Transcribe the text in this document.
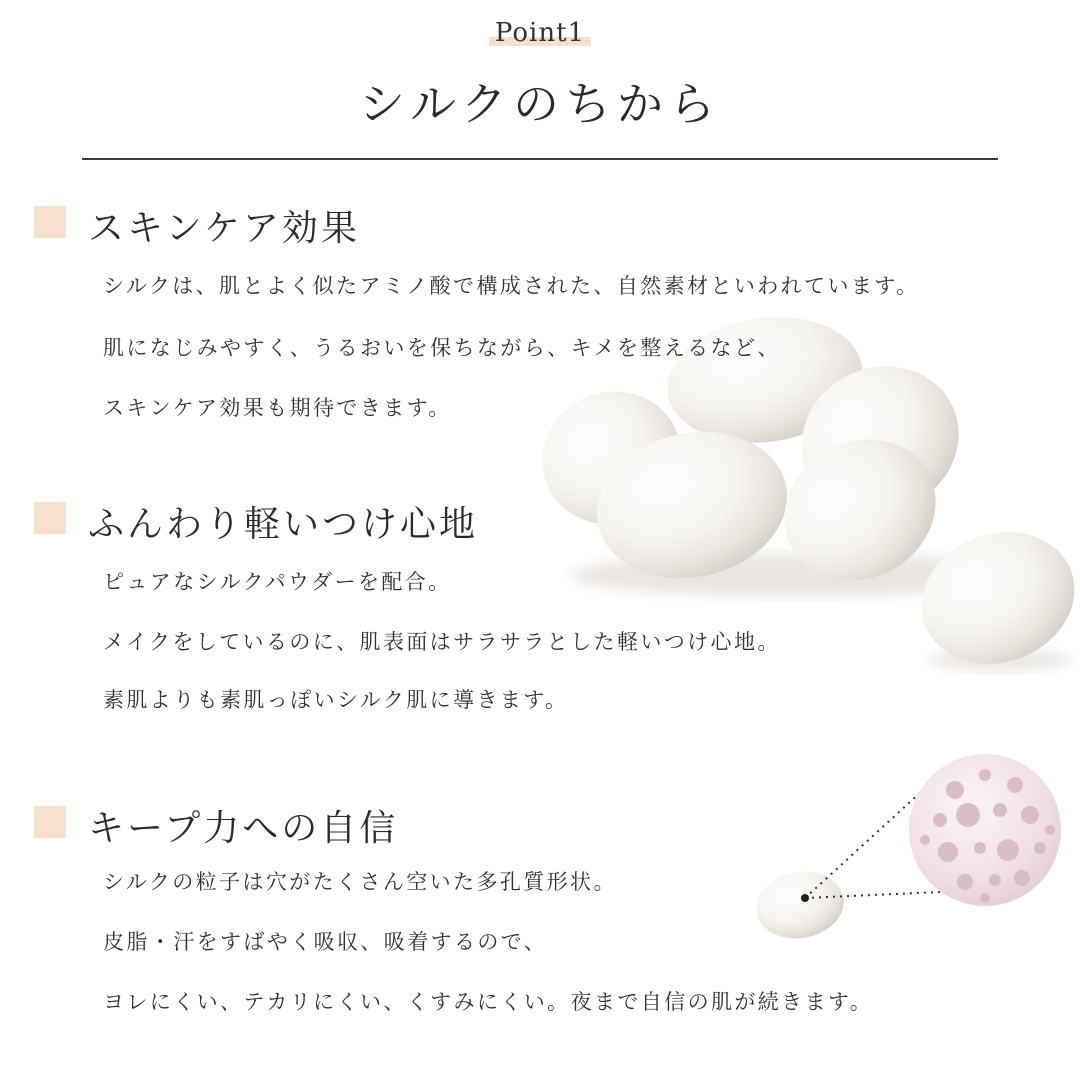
Point1
シルクのちから
スキンケア効果
シルクは、肌とよく似たアミノ酸で構成された、自然素材といわれています。
肌になじみやすく、うるおいを保ちながら、キメを整えるなど、
スキンケア効果も期待できます。
ふんわり軽いつけ心地
ピュアなシルクパウダーを配合。
メイクをしているのに、肌表面はサラサラとした軽いつけ心地。
素肌よりも素肌っぽいシルク肌に導きます。
キープ力への自信
シルクの粒子は穴がたくさん空いた多孔質形状。
皮脂・汗をすばやく吸収、吸着するので、
ヨレにくい、テカリにくい、くすみにくい。夜まで自信の肌が続きます。
